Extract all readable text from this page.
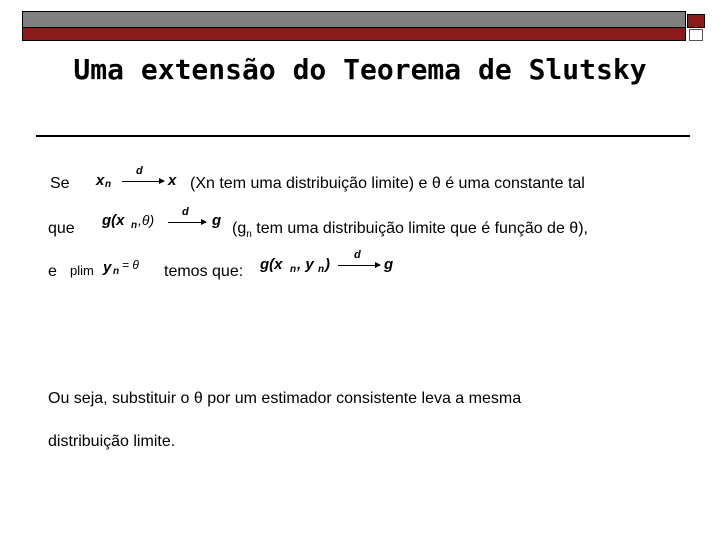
Uma extensão do Teorema de Slutsky
Se x n
d
x (Xn tem uma distribuição limite) e θ é uma constante tal
que g(x n ,θ)	d g ($g_n$ tem uma distribuição limite que é função de θ),
e plim y n = θ temos que: g(x n , y n )
d
g
Ou seja, substituir o θ por um estimador consistente leva a mesma
distribuição limite.
